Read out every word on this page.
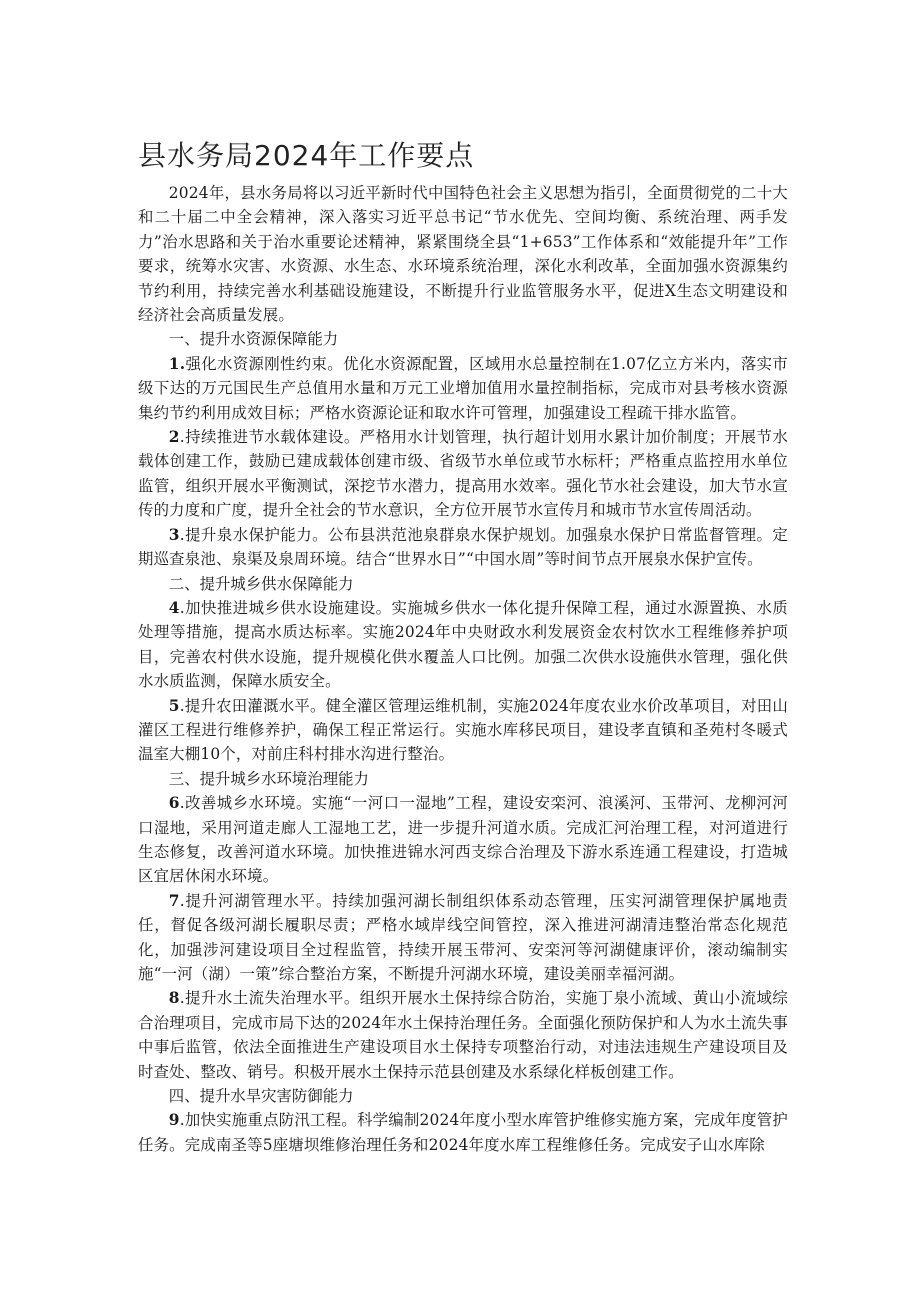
县水务局2024年工作要点

2024年，县水务局将以习近平新时代中国特色社会主义思想为指引，全面贯彻党的二十大和二十届二中全会精神，深入落实习近平总书记“节水优先、空间均衡、系统治理、两手发力”治水思路和关于治水重要论述精神，紧紧围绕全县“1+653”工作体系和“效能提升年”工作要求，统筹水灾害、水资源、水生态、水环境系统治理，深化水利改革，全面加强水资源集约节约利用，持续完善水利基础设施建设，不断提升行业监管服务水平，促进X生态文明建设和经济社会高质量发展。

一、提升水资源保障能力

1.强化水资源刚性约束。优化水资源配置，区域用水总量控制在1.07亿立方米内，落实市级下达的万元国民生产总值用水量和万元工业增加值用水量控制指标，完成市对县考核水资源集约节约利用成效目标；严格水资源论证和取水许可管理，加强建设工程疏干排水监管。

2.持续推进节水载体建设。严格用水计划管理，执行超计划用水累计加价制度；开展节水载体创建工作，鼓励已建成载体创建市级、省级节水单位或节水标杆；严格重点监控用水单位监管，组织开展水平衡测试，深挖节水潜力，提高用水效率。强化节水社会建设，加大节水宣传的力度和广度，提升全社会的节水意识，全方位开展节水宣传月和城市节水宣传周活动。

3.提升泉水保护能力。公布县洪范池泉群泉水保护规划。加强泉水保护日常监督管理。定期巡查泉池、泉渠及泉周环境。结合“世界水日”“中国水周”等时间节点开展泉水保护宣传。

二、提升城乡供水保障能力

4.加快推进城乡供水设施建设。实施城乡供水一体化提升保障工程，通过水源置换、水质处理等措施，提高水质达标率。实施2024年中央财政水利发展资金农村饮水工程维修养护项目，完善农村供水设施，提升规模化供水覆盖人口比例。加强二次供水设施供水管理，强化供水水质监测，保障水质安全。

5.提升农田灌溉水平。健全灌区管理运维机制，实施2024年度农业水价改革项目，对田山灌区工程进行维修养护，确保工程正常运行。实施水库移民项目，建设孝直镇和圣苑村冬暖式温室大棚10个，对前庄科村排水沟进行整治。

三、提升城乡水环境治理能力

6.改善城乡水环境。实施“一河口一湿地”工程，建设安栾河、浪溪河、玉带河、龙柳河河口湿地，采用河道走廊人工湿地工艺，进一步提升河道水质。完成汇河治理工程，对河道进行生态修复，改善河道水环境。加快推进锦水河西支综合治理及下游水系连通工程建设，打造城区宜居休闲水环境。

7.提升河湖管理水平。持续加强河湖长制组织体系动态管理，压实河湖管理保护属地责任，督促各级河湖长履职尽责；严格水域岸线空间管控，深入推进河湖清违整治常态化规范化，加强涉河建设项目全过程监管，持续开展玉带河、安栾河等河湖健康评价，滚动编制实施“一河（湖）一策”综合整治方案，不断提升河湖水环境，建设美丽幸福河湖。

8.提升水土流失治理水平。组织开展水土保持综合防治，实施丁泉小流域、黄山小流域综合治理项目，完成市局下达的2024年水土保持治理任务。全面强化预防保护和人为水土流失事中事后监管，依法全面推进生产建设项目水土保持专项整治行动，对违法违规生产建设项目及时查处、整改、销号。积极开展水土保持示范县创建及水系绿化样板创建工作。

四、提升水旱灾害防御能力

9.加快实施重点防汛工程。科学编制2024年度小型水库管护维修实施方案，完成年度管护任务。完成南圣等5座塘坝维修治理任务和2024年度水库工程维修任务。完成安子山水库除
